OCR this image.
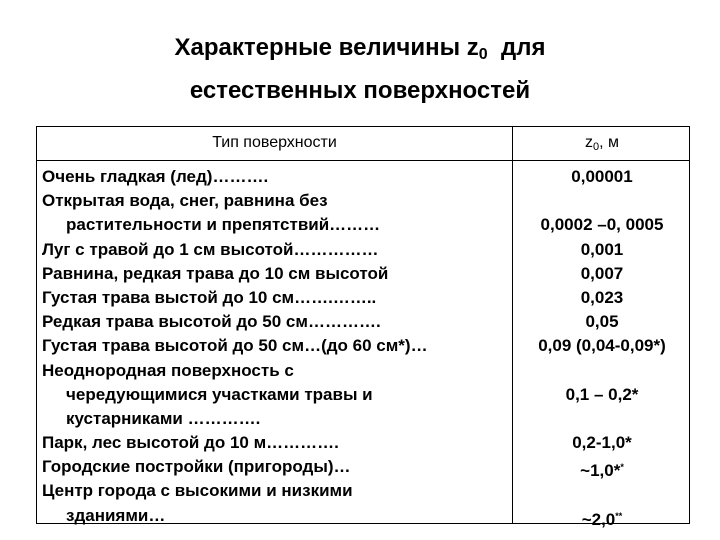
Характерные величины $z_0$  для
естественных поверхностей
Тип поверхности	$z_0$, м
Очень гладкая (лед)……….
Открытая вода, снег, равнина без
растительности и препятствий………
Луг с травой до 1 см высотой……………
Равнина, редкая трава до 10 см высотой
Густая трава выстой до 10 см…….……..
Редкая трава высотой до 50 см………….
Густая трава высотой до 50 см…(до 60 см*)…
Неоднородная поверхность с
чередующимися участками травы и
кустарниками ………….
Парк, лес высотой до 10 м………….
Городские постройки (пригороды)…
Центр города с высокими и низкими
зданиями…
0,00001
0,0002 –0, 0005
0,001
0,007
0,023
0,05
0,09 (0,04-0,09*)
0,1 – 0,2*
0,2-1,0*
~1,0**
~2,0**
